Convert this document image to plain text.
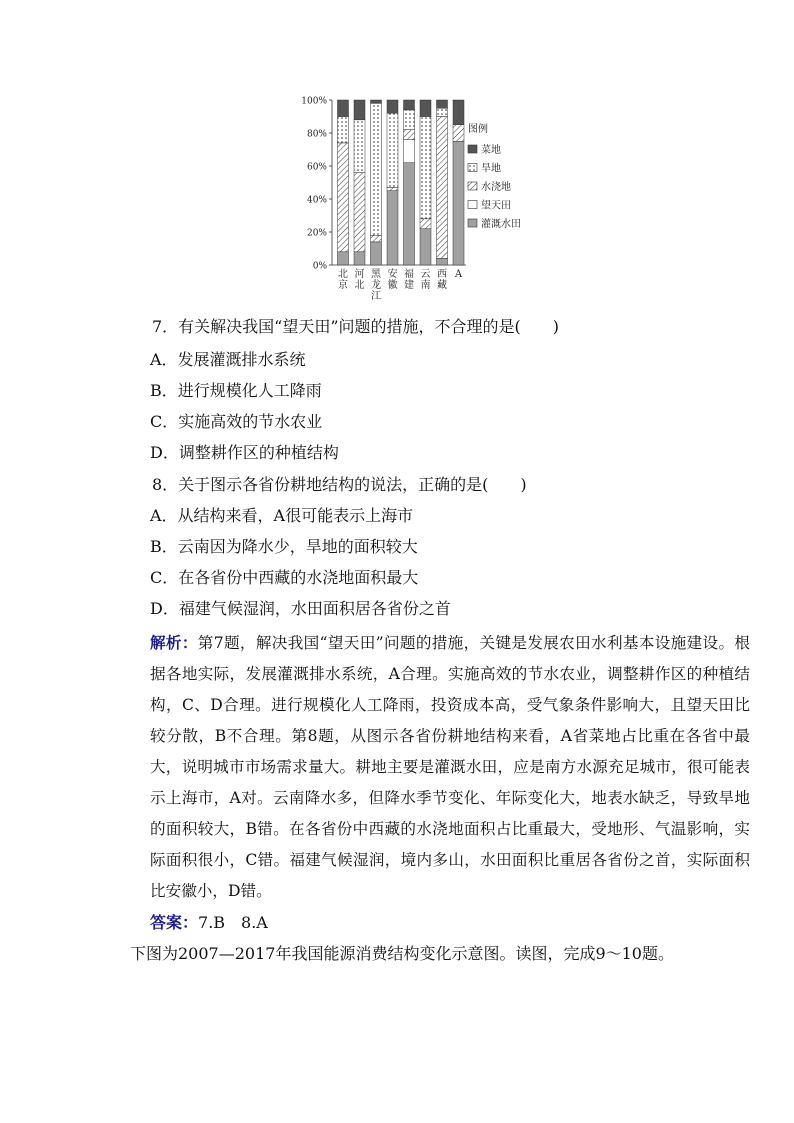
0%
20%
40%
60%
80%
100%
北
京
河
北
黑
龙
江
安
徽
福
建
云
南
西
藏
A
图例
菜地
旱地
水浇地
望天田
灌溉水田
7．有关解决我国“望天田”问题的措施，不合理的是(　　)
A．发展灌溉排水系统
B．进行规模化人工降雨
C．实施高效的节水农业
D．调整耕作区的种植结构
8．关于图示各省份耕地结构的说法，正确的是(　　)
A．从结构来看，A很可能表示上海市
B．云南因为降水少，旱地的面积较大
C．在各省份中西藏的水浇地面积最大
D．福建气候湿润，水田面积居各省份之首
解析：第7题，解决我国“望天田”问题的措施，关键是发展农田水利基本设施建设。根据各地实际，发展灌溉排水系统，A合理。实施高效的节水农业，调整耕作区的种植结构，C、D合理。进行规模化人工降雨，投资成本高，受气象条件影响大，且望天田比较分散，B不合理。第8题，从图示各省份耕地结构来看，A省菜地占比重在各省中最大，说明城市市场需求量大。耕地主要是灌溉水田，应是南方水源充足城市，很可能表示上海市，A对。云南降水多，但降水季节变化、年际变化大，地表水缺乏，导致旱地的面积较大，B错。在各省份中西藏的水浇地面积占比重最大，受地形、气温影响，实际面积很小，C错。福建气候湿润，境内多山，水田面积比重居各省份之首，实际面积比安徽小，D错。
答案：7.B　8.A
下图为2007—2017年我国能源消费结构变化示意图。读图，完成9～10题。
